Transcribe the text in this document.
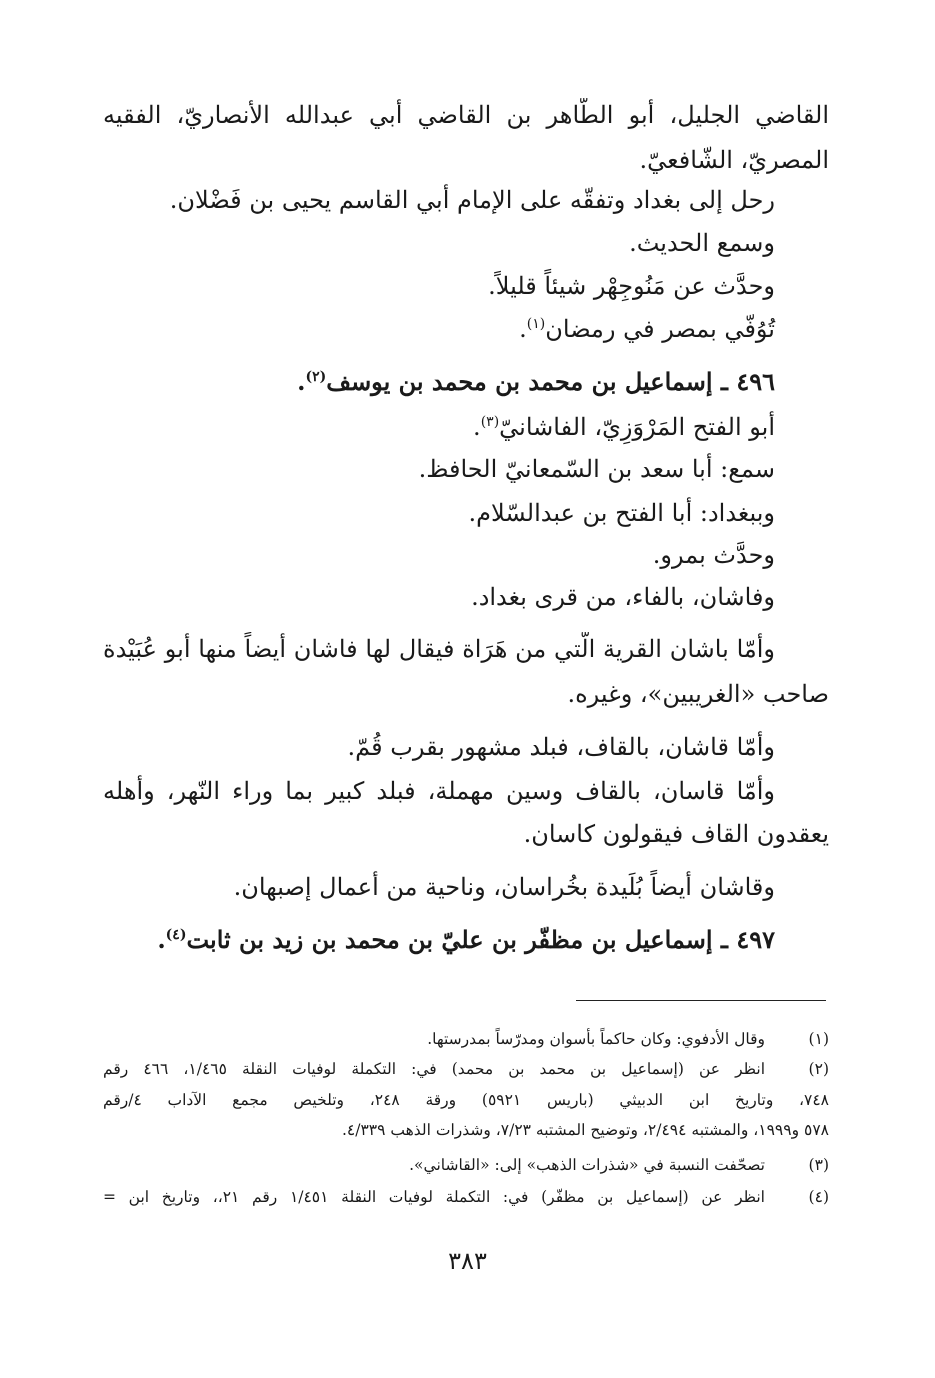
القاضي الجليل، أبو الطّاهر بن القاضي أبي عبدالله الأنصاريّ، الفقيه
المصريّ، الشّافعيّ.
رحل إلى بغداد وتفقّه على الإمام أبي القاسم يحيى بن فَضْلان.
وسمع الحديث.
وحدَّث عن مَنُوجِهْر شيئاً قليلاً.
تُوُفّي بمصر في رمضان$^{(١)}$.
٤٩٦ ـ إسماعيل بن محمد بن محمد بن يوسف$^{(٢)}$.
أبو الفتح المَرْوَزِيّ، الفاشانيّ$^{(٣)}$.
سمع: أبا سعد بن السّمعانيّ الحافظ.
وببغداد: أبا الفتح بن عبدالسّلام.
وحدَّث بمرو.
وفاشان، بالفاء، من قرى بغداد.
وأمّا باشان القرية الّتي من هَرَاة فيقال لها فاشان أيضاً منها أبو عُبَيْدة
صاحب «الغريبين»، وغيره.
وأمّا قاشان، بالقاف، فبلد مشهور بقرب قُمّ.
وأمّا قاسان، بالقاف وسين مهملة، فبلد كبير بما وراء النّهر، وأهله
يعقدون القاف فيقولون كاسان.
وقاشان أيضاً بُلَيدة بخُراسان، وناحية من أعمال إصبهان.
٤٩٧ ـ إسماعيل بن مظفّر بن عليّ بن محمد بن زيد بن ثابت$^{(٤)}$.
(١)
وقال الأدفوي: وكان حاكماً بأسوان ومدرّساً بمدرستها.
(٢)
انظر عن (إسماعيل بن محمد بن محمد) في: التكملة لوفيات النقلة ١/٤٦٥، ٤٦٦ رقم
٧٤٨، وتاريخ ابن الدبيثي (باريس ٥٩٢١) ورقة ٢٤٨، وتلخيص مجمع الآداب ٤/رقم
٥٧٨ و١٩٩٩، والمشتبه ٢/٤٩٤، وتوضيح المشتبه ٧/٢٣، وشذرات الذهب ٤/٣٣٩.
(٣)
تصحّفت النسبة في «شذرات الذهب» إلى: «القاشاني».
(٤)
انظر عن (إسماعيل بن مظفّر) في: التكملة لوفيات النقلة ١/٤٥١ رقم ٢١،، وتاريخ ابن =
٣٨٣
